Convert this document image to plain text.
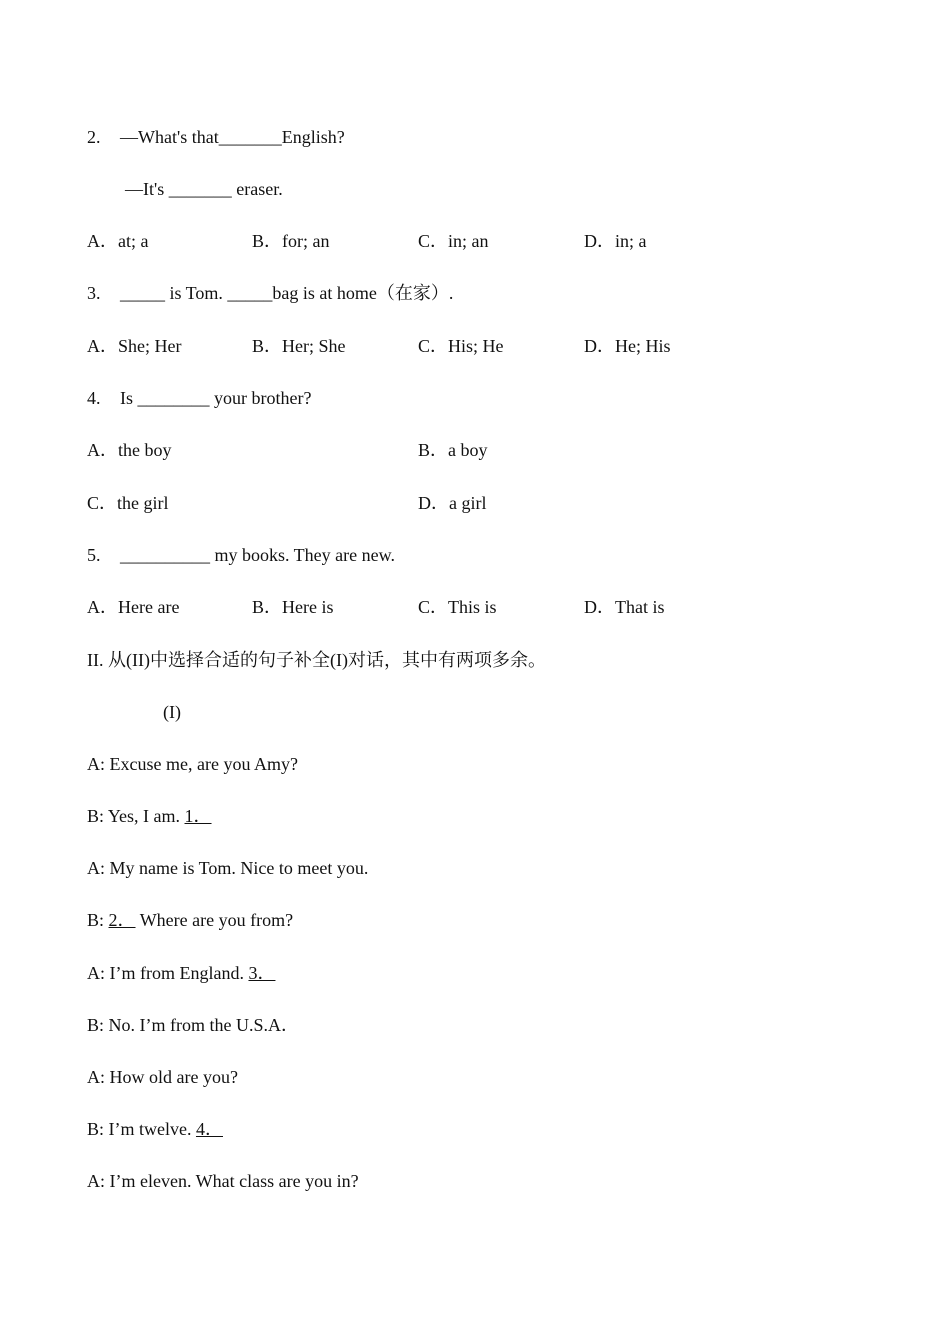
2. —What's that_______English?
—It's _______ eraser.
A．at; a	B．for; an	C．in; an	D．in; a
3. _____ is Tom. _____bag is at home（在家）.
A．She; Her	B．Her; She	C．His; He	D．He; His
4. Is ________ your brother?
A．the boy	B．a boy
C．the girl	D．a girl
5. __________ my books. They are new.
A．Here are	B．Here is	C．This is	D．That is
II. 从(II)中选择合适的句子补全(I)对话，其中有两项多余。
(I)
A: Excuse me, are you Amy?
B: Yes, I am. 1．
A: My name is Tom. Nice to meet you.
B: 2． Where are you from?
A: I’m from England. 3．
B: No. I’m from the U.S.A．
A: How old are you?
B: I’m twelve. 4．
A: I’m eleven. What class are you in?
